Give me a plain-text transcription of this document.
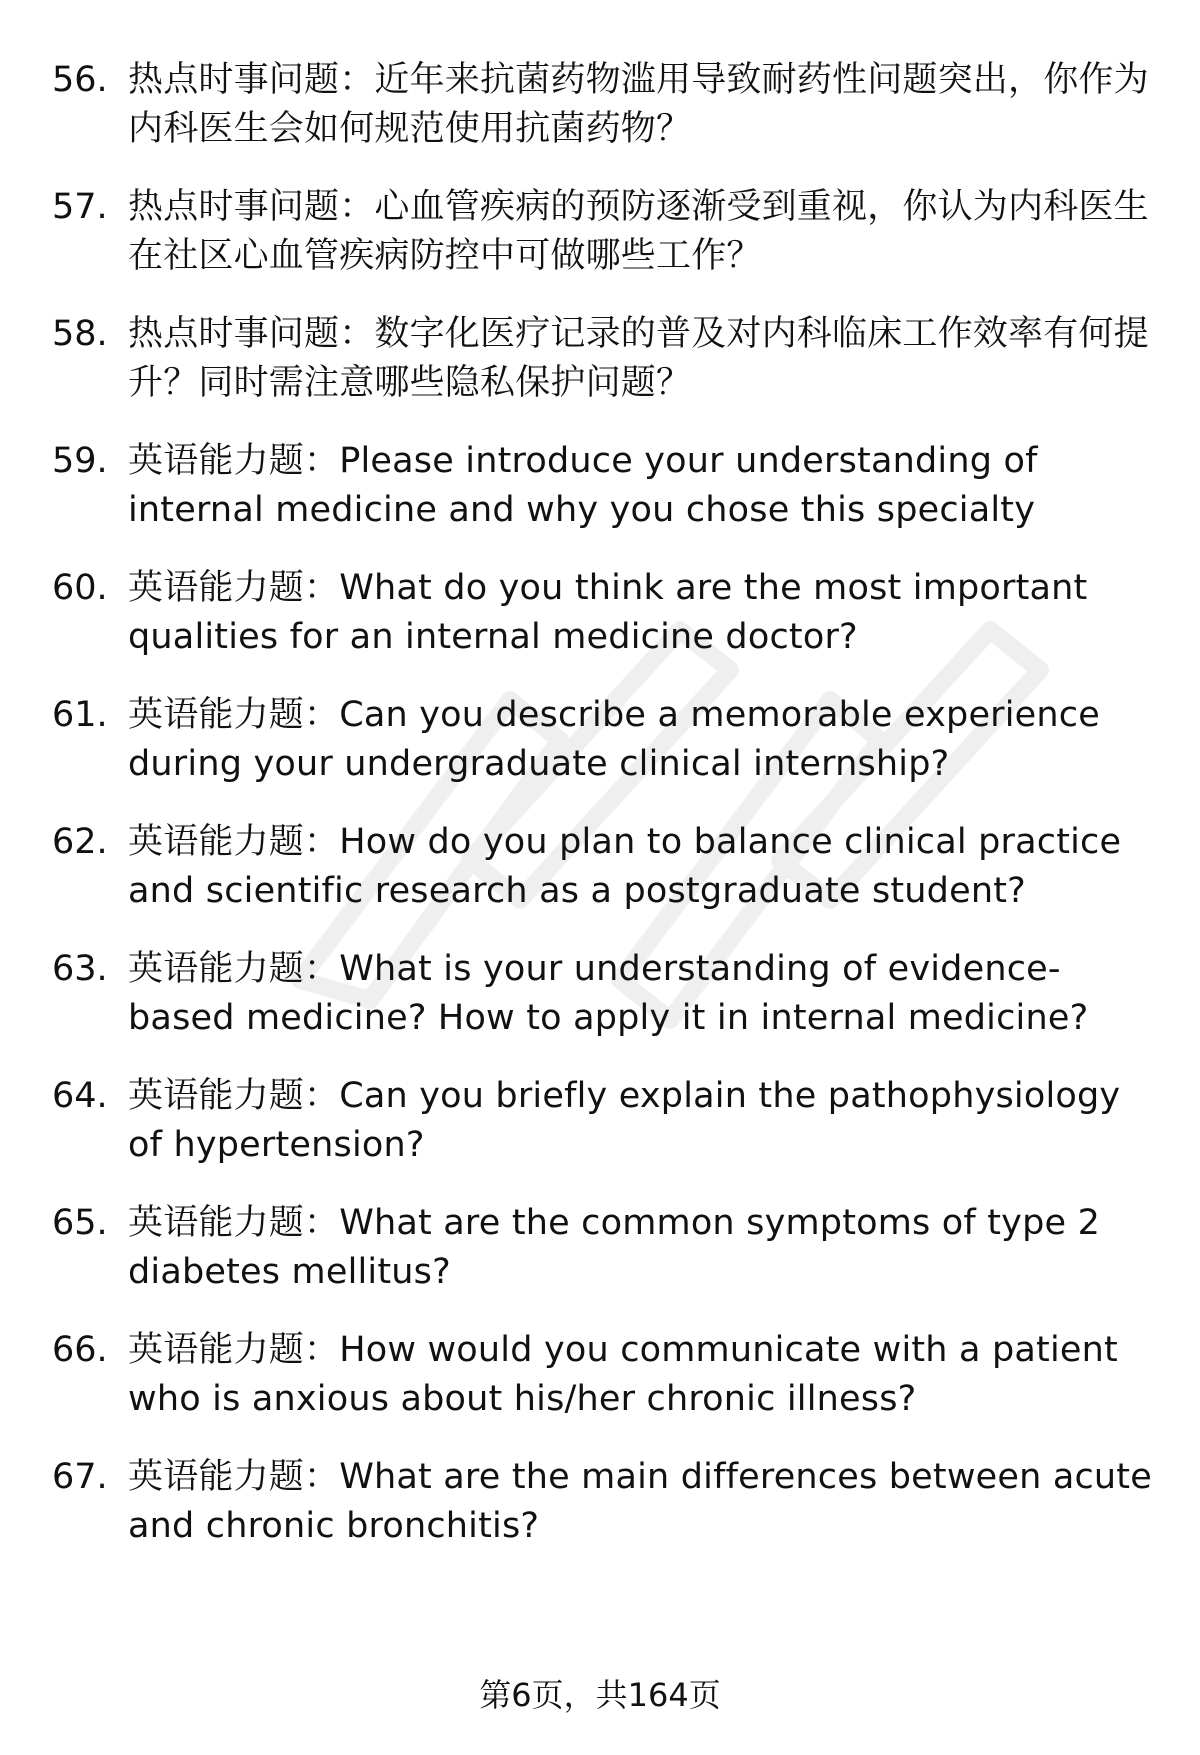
56. 热点时事问题：近年来抗菌药物滥用导致耐药性问题突出，你作为内科医生会如何规范使用抗菌药物？
57. 热点时事问题：心血管疾病的预防逐渐受到重视，你认为内科医生在社区心血管疾病防控中可做哪些工作？
58. 热点时事问题：数字化医疗记录的普及对内科临床工作效率有何提升？同时需注意哪些隐私保护问题？
59. 英语能力题：Please introduce your understanding of internal medicine and why you chose this specialty
60. 英语能力题：What do you think are the most important qualities for an internal medicine doctor?
61. 英语能力题：Can you describe a memorable experience during your undergraduate clinical internship?
62. 英语能力题：How do you plan to balance clinical practice and scientific research as a postgraduate student?
63. 英语能力题：What is your understanding of evidence-based medicine? How to apply it in internal medicine?
64. 英语能力题：Can you briefly explain the pathophysiology of hypertension?
65. 英语能力题：What are the common symptoms of type 2 diabetes mellitus?
66. 英语能力题：How would you communicate with a patient who is anxious about his/her chronic illness?
67. 英语能力题：What are the main differences between acute and chronic bronchitis?
第6页，共164页
